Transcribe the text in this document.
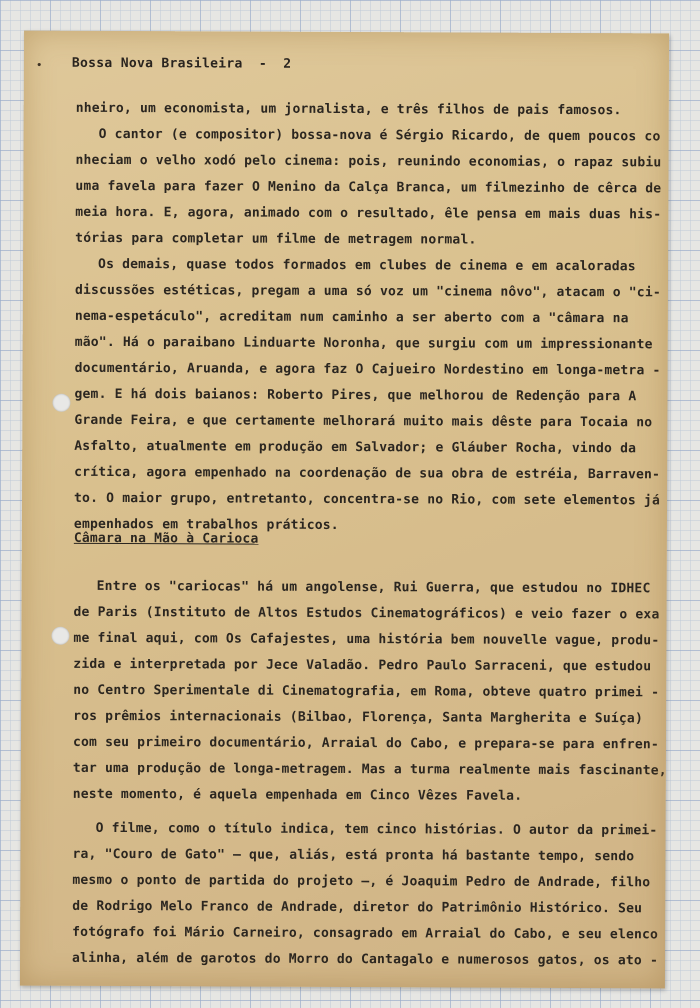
• Bossa Nova Brasileira  -  2
nheiro, um economista, um jornalista, e três filhos de pais famosos.
O cantor (e compositor) bossa-nova é Sérgio Ricardo, de quem poucos co
nheciam o velho xodó pelo cinema: pois, reunindo economias, o rapaz subiu
uma favela para fazer O Menino da Calça Branca, um filmezinho de cêrca de
meia hora. E, agora, animado com o resultado, êle pensa em mais duas his-
tórias para completar um filme de metragem normal.
Os demais, quase todos formados em clubes de cinema e em acaloradas
discussões estéticas, pregam a uma só voz um "cinema nôvo", atacam o "ci-
nema-espetáculo", acreditam num caminho a ser aberto com a "câmara na
mão". Há o paraibano Linduarte Noronha, que surgiu com um impressionante
documentário, Aruanda, e agora faz O Cajueiro Nordestino em longa-metra -
gem. E há dois baianos: Roberto Pires, que melhorou de Redenção para A
Grande Feira, e que certamente melhorará muito mais dêste para Tocaia no
Asfalto, atualmente em produção em Salvador; e Gláuber Rocha, vindo da
crítica, agora empenhado na coordenação de sua obra de estréia, Barraven-
to. O maior grupo, entretanto, concentra-se no Rio, com sete elementos já
empenhados em trabalhos práticos.
Câmara na Mão à Carioca
Entre os "cariocas" há um angolense, Rui Guerra, que estudou no IDHEC
de Paris (Instituto de Altos Estudos Cinematográficos) e veio fazer o exa
me final aqui, com Os Cafajestes, uma história bem nouvelle vague, produ-
zida e interpretada por Jece Valadão. Pedro Paulo Sarraceni, que estudou
no Centro Sperimentale di Cinematografia, em Roma, obteve quatro primei -
ros prêmios internacionais (Bilbao, Florença, Santa Margherita e Suíça)
com seu primeiro documentário, Arraial do Cabo, e prepara-se para enfren-
tar uma produção de longa-metragem. Mas a turma realmente mais fascinante,
neste momento, é aquela empenhada em Cinco Vêzes Favela.
O filme, como o título indica, tem cinco histórias. O autor da primei-
ra, "Couro de Gato" — que, aliás, está pronta há bastante tempo, sendo
mesmo o ponto de partida do projeto —, é Joaquim Pedro de Andrade, filho
de Rodrigo Melo Franco de Andrade, diretor do Patrimônio Histórico. Seu
fotógrafo foi Mário Carneiro, consagrado em Arraial do Cabo, e seu elenco
alinha, além de garotos do Morro do Cantagalo e numerosos gatos, os ato -
